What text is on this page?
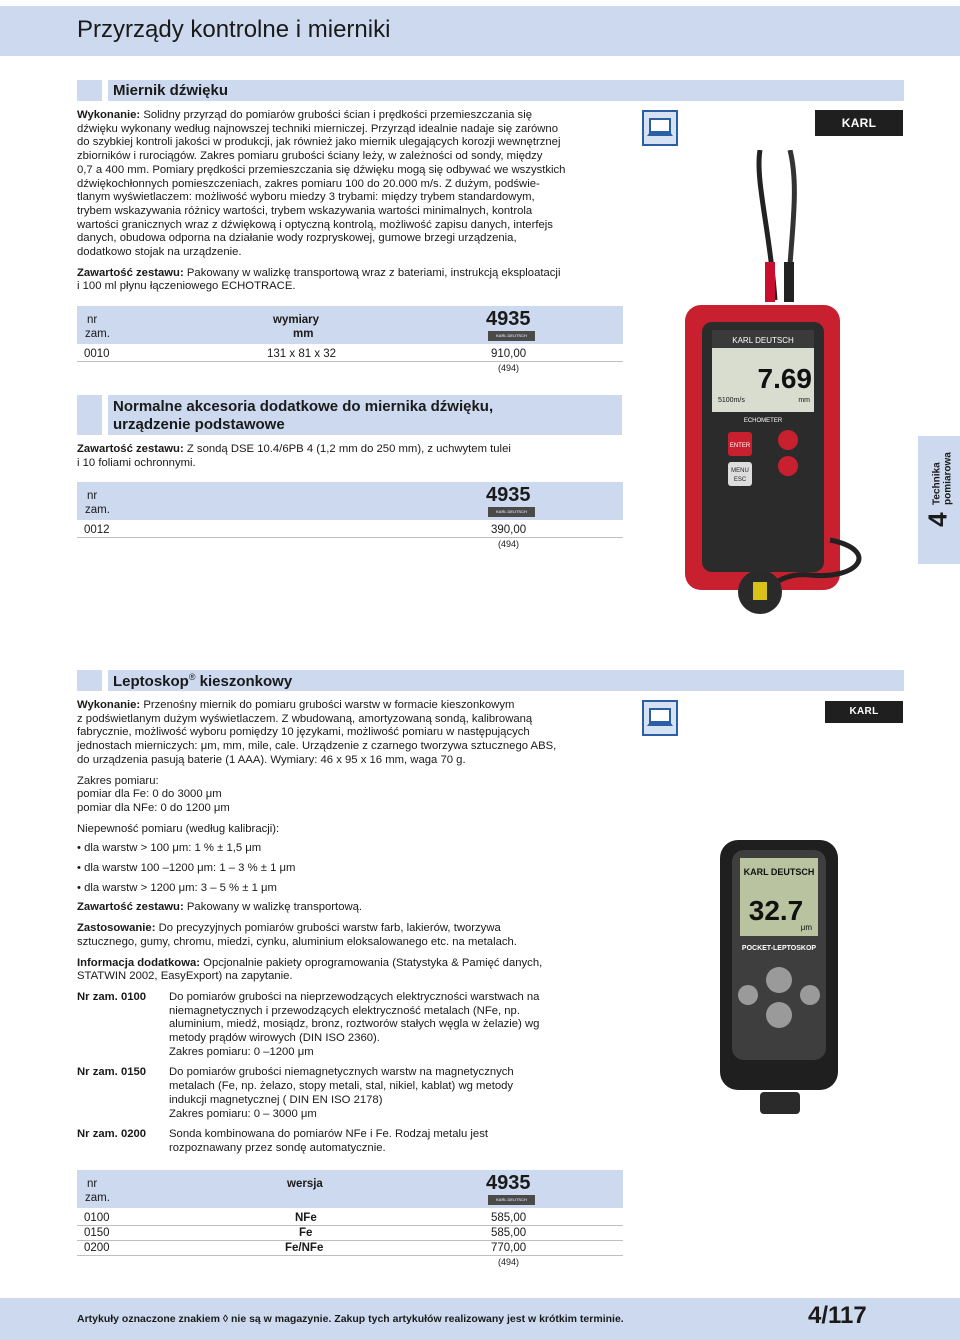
Przyrządy kontrolne i mierniki
Miernik dźwięku
Wykonanie: Solidny przyrząd do pomiarów grubości ścian i prędkości przemieszczania się
dźwięku wykonany według najnowszej techniki mierniczej. Przyrząd idealnie nadaje się zarówno
do szybkiej kontroli jakości w produkcji, jak również jako miernik ulegających korozji wewnętrznej
zbiorników i rurociągów. Zakres pomiaru grubości ściany leży, w zależności od sondy, między
0,7 a 400 mm. Pomiary prędkości przemieszczania się dźwięku mogą się odbywać we wszystkich
dźwiękochłonnych pomieszczeniach, zakres pomiaru 100 do 20.000 m/s. Z dużym, podświe-
tlanym wyświetlaczem: możliwość wyboru miedzy 3 trybami: między trybem standardowym,
trybem wskazywania różnicy wartości, trybem wskazywania wartości minimalnych, kontrola
wartości granicznych wraz z dźwiękową i optyczną kontrolą, możliwość zapisu danych, interfejs
danych, obudowa odporna na działanie wody rozpryskowej, gumowe brzegi urządzenia,
dodatkowo stojak na urządzenie.
Zawartość zestawu: Pakowany w walizkę transportową wraz z bateriami, instrukcją eksploatacji
i 100 ml płynu łączeniowego ECHOTRACE.
KARL DEUTSCH
nr
zam.
wymiary
mm
4935
KARL DEUTSCH
0010	131 x 81 x 32	910,00
(494)
Normalne akcesoria dodatkowe do miernika dźwięku,
urządzenie podstawowe
Zawartość zestawu: Z sondą DSE 10.4/6PB 4 (1,2 mm do 250 mm), z uchwytem tulei
i 10 foliami ochronnymi.
nr
zam.
4935
KARL DEUTSCH
0012	390,00
(494)
KARL DEUTSCH
7.69
5100m/s	mm
ECHOMETER
ENTER
MENU
ESC
4
Technika pomiarowa
Leptoskop® kieszonkowy
KARL DEUTSCH
Wykonanie: Przenośny miernik do pomiaru grubości warstw w formacie kieszonkowym
z podświetlanym dużym wyświetlaczem. Z wbudowaną, amortyzowaną sondą, kalibrowaną
fabrycznie, możliwość wyboru pomiędzy 10 językami, możliwość pomiaru w następujących
jednostach mierniczych: μm, mm, mile, cale. Urządzenie z czarnego tworzywa sztucznego ABS,
do urządzenia pasują baterie (1 AAA). Wymiary: 46 x 95 x 16 mm, waga 70 g.
Zakres pomiaru:
pomiar dla Fe: 0 do 3000 μm
pomiar dla NFe: 0 do 1200 μm
Niepewność pomiaru (według kalibracji):
• dla warstw > 100 μm: 1 % ± 1,5 μm
• dla warstw 100 –1200 μm: 1 – 3 % ± 1 μm
• dla warstw > 1200 μm: 3 – 5 % ± 1 μm
Zawartość zestawu: Pakowany w walizkę transportową.
Zastosowanie: Do precyzyjnych pomiarów grubości warstw farb, lakierów, tworzywa
sztucznego, gumy, chromu, miedzi, cynku, aluminium eloksalowanego etc. na metalach.
Informacja dodatkowa: Opcjonalnie pakiety oprogramowania (Statystyka & Pamięć danych,
STATWIN 2002, EasyExport) na zapytanie.
Nr zam. 0100	Do pomiarów grubości na nieprzewodzących elektryczności warstwach na
niemagnetycznych i przewodzących elektryczność metalach (NFe, np.
aluminium, miedź, mosiądz, bronz, roztworów stałych węgla w żelazie) wg
metody prądów wirowych (DIN ISO 2360).
Zakres pomiaru: 0 –1200 μm
Nr zam. 0150	Do pomiarów grubości niemagnetycznych warstw na magnetycznych
metalach (Fe, np. żelazo, stopy metali, stal, nikiel, kablat) wg metody
indukcji magnetycznej ( DIN EN ISO 2178)
Zakres pomiaru: 0 – 3000 μm
Nr zam. 0200	Sonda kombinowana do pomiarów NFe i Fe. Rodzaj metalu jest
rozpoznawany przez sondę automatycznie.
nr
zam.
wersja	4935
KARL DEUTSCH
0100	NFe	585,00
0150	Fe	585,00
0200	Fe/NFe	770,00
(494)
KARL DEUTSCH
32.7
μm
POCKET-LEPTOSKOP
Artykuły oznaczone znakiem ◊ nie są w magazynie. Zakup tych artykułów realizowany jest w krótkim terminie.	4/117
